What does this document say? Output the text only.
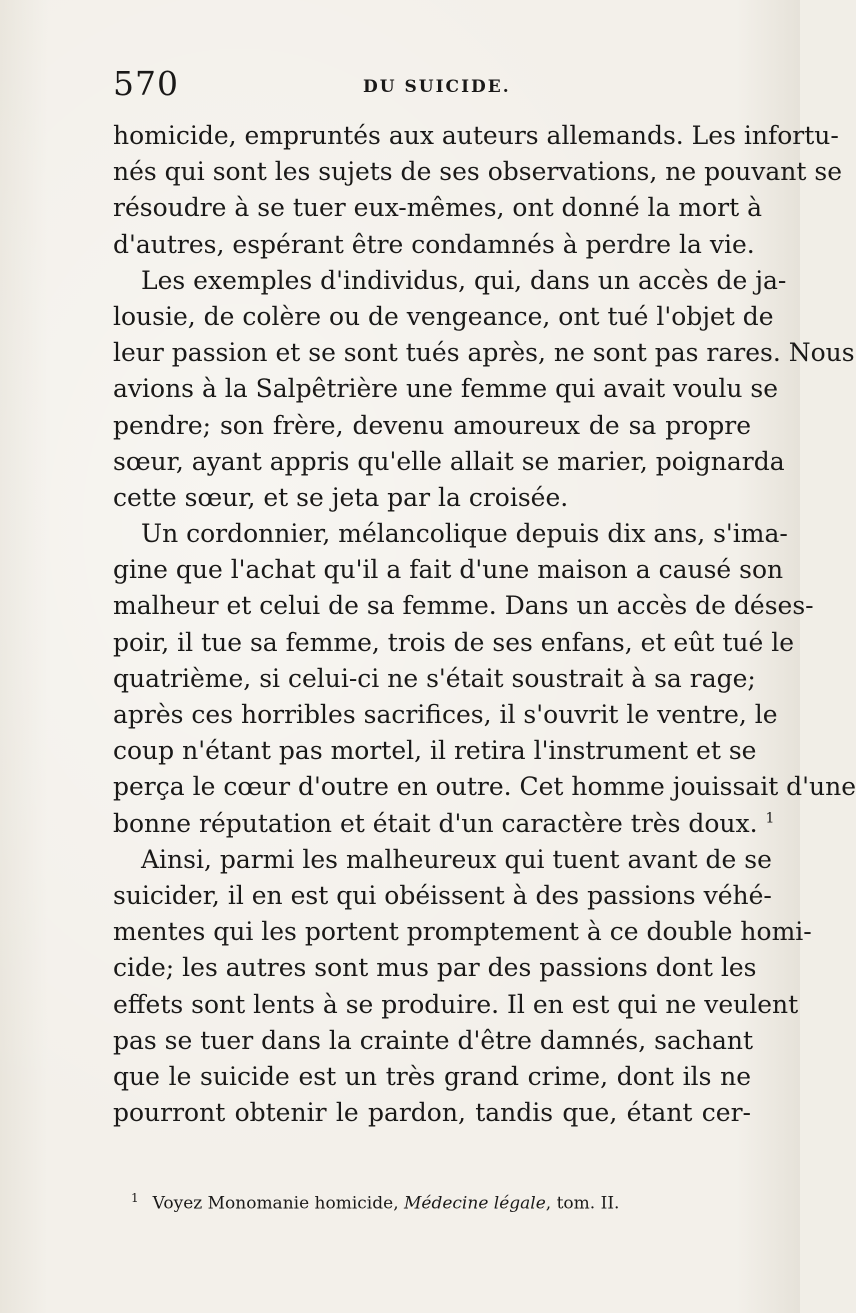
570	DU SUICIDE.
homicide, empruntés aux auteurs allemands. Les infortu-
nés qui sont les sujets de ses observations, ne pouvant se
résoudre à se tuer eux-mêmes, ont donné la mort à
d'autres, espérant être condamnés à perdre la vie.
Les exemples d'individus, qui, dans un accès de ja-
lousie, de colère ou de vengeance, ont tué l'objet de
leur passion et se sont tués après, ne sont pas rares. Nous
avions à la Salpêtrière une femme qui avait voulu se
pendre; son frère, devenu amoureux de sa propre
sœur, ayant appris qu'elle allait se marier, poignarda
cette sœur, et se jeta par la croisée.
Un cordonnier, mélancolique depuis dix ans, s'ima-
gine que l'achat qu'il a fait d'une maison a causé son
malheur et celui de sa femme. Dans un accès de déses-
poir, il tue sa femme, trois de ses enfans, et eût tué le
quatrième, si celui-ci ne s'était soustrait à sa rage;
après ces horribles sacrifices, il s'ouvrit le ventre, le
coup n'étant pas mortel, il retira l'instrument et se
perça le cœur d'outre en outre. Cet homme jouissait d'une
bonne réputation et était d'un caractère très doux. $^1$
Ainsi, parmi les malheureux qui tuent avant de se
suicider, il en est qui obéissent à des passions véhé-
mentes qui les portent promptement à ce double homi-
cide; les autres sont mus par des passions dont les
effets sont lents à se produire. Il en est qui ne veulent
pas se tuer dans la crainte d'être damnés, sachant
que le suicide est un très grand crime, dont ils ne
pourront obtenir le pardon, tandis que, étant cer-
$^1$ Voyez Monomanie homicide, Médecine légale, tom. II.
